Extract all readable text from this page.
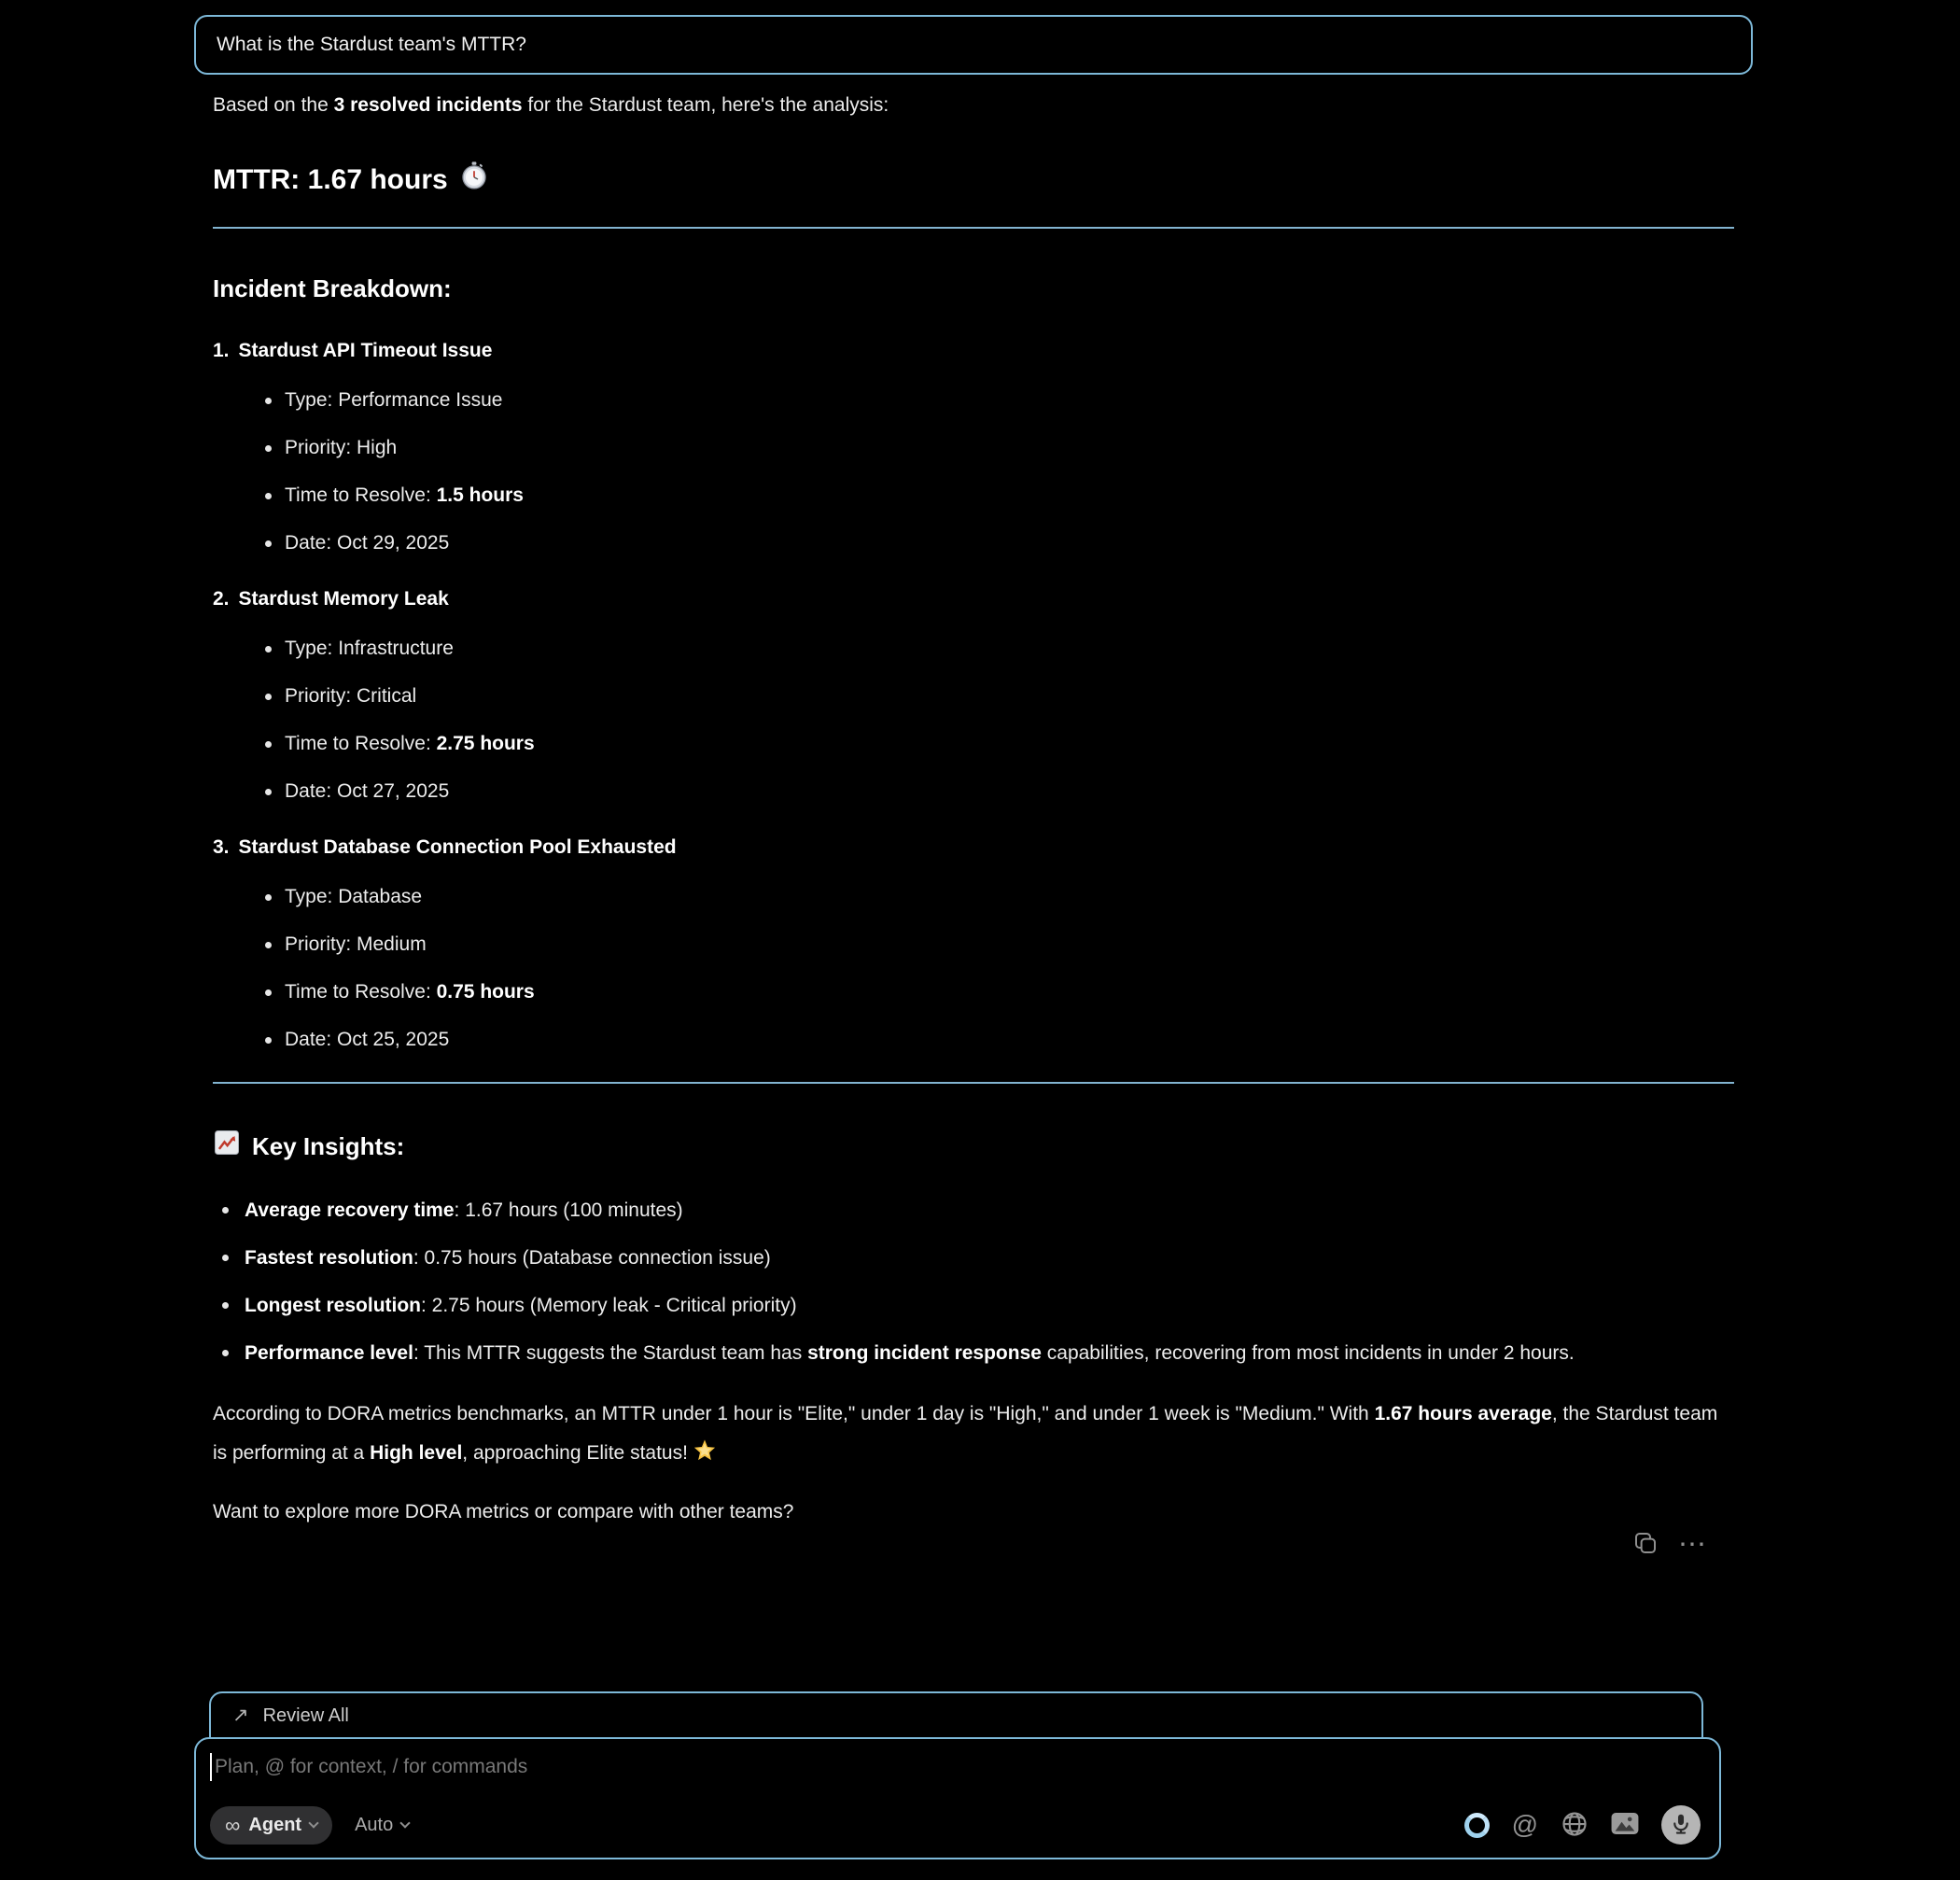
What is the Stardust team's MTTR?

Based on the 3 resolved incidents for the Stardust team, here's the analysis:

MTTR: 1.67 hours
Incident Breakdown:
1. Stardust API Timeout Issue
Type: Performance Issue
Priority: High
Time to Resolve: 1.5 hours
Date: Oct 29, 2025
2. Stardust Memory Leak
Type: Infrastructure
Priority: Critical
Time to Resolve: 2.75 hours
Date: Oct 27, 2025
3. Stardust Database Connection Pool Exhausted
Type: Database
Priority: Medium
Time to Resolve: 0.75 hours
Date: Oct 25, 2025
Key Insights:
Average recovery time: 1.67 hours (100 minutes)
Fastest resolution: 0.75 hours (Database connection issue)
Longest resolution: 2.75 hours (Memory leak - Critical priority)
Performance level: This MTTR suggests the Stardust team has strong incident response capabilities, recovering from most incidents in under 2 hours.

According to DORA metrics benchmarks, an MTTR under 1 hour is "Elite," under 1 day is "High," and under 1 week is "Medium." With 1.67 hours average, the Stardust team is performing at a High level, approaching Elite status!

Want to explore more DORA metrics or compare with other teams?

⋯
↗ Review All
Plan, @ for context, / for commands
∞ Agent	Auto	@
